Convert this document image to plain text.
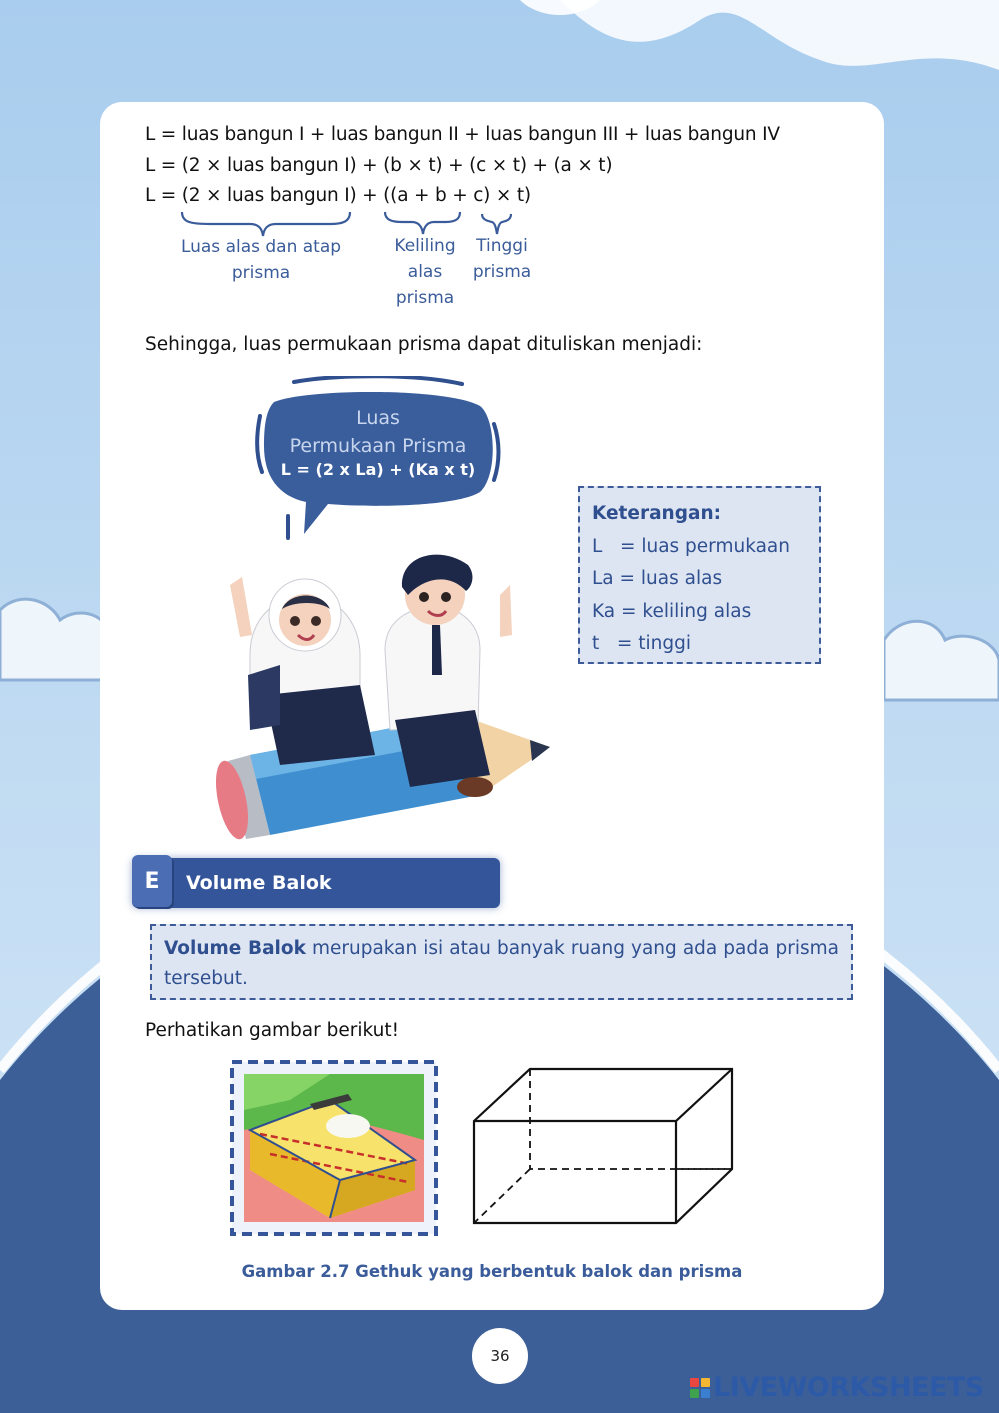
L = luas bangun I + luas bangun II + luas bangun III + luas bangun IV
L = (2 × luas bangun I) + (b × t) + (c × t) + (a × t)
L = (2 × luas bangun I) + ((a + b + c) × t)
Luas alas dan atap
prisma
Keliling
alas
prisma
Tinggi
prisma
Sehingga, luas permukaan prisma dapat dituliskan menjadi:
Luas
Permukaan Prisma
L = (2 x La) + (Ka x t)
Keterangan:
L   = luas permukaan
La = luas alas
Ka = keliling alas
t   = tinggi
E	Volume Balok
Volume Balok merupakan isi atau banyak ruang yang ada pada prisma tersebut.
Perhatikan gambar berikut!
Gambar 2.7 Gethuk yang berbentuk balok dan prisma
36
LIVEWORKSHEETS
